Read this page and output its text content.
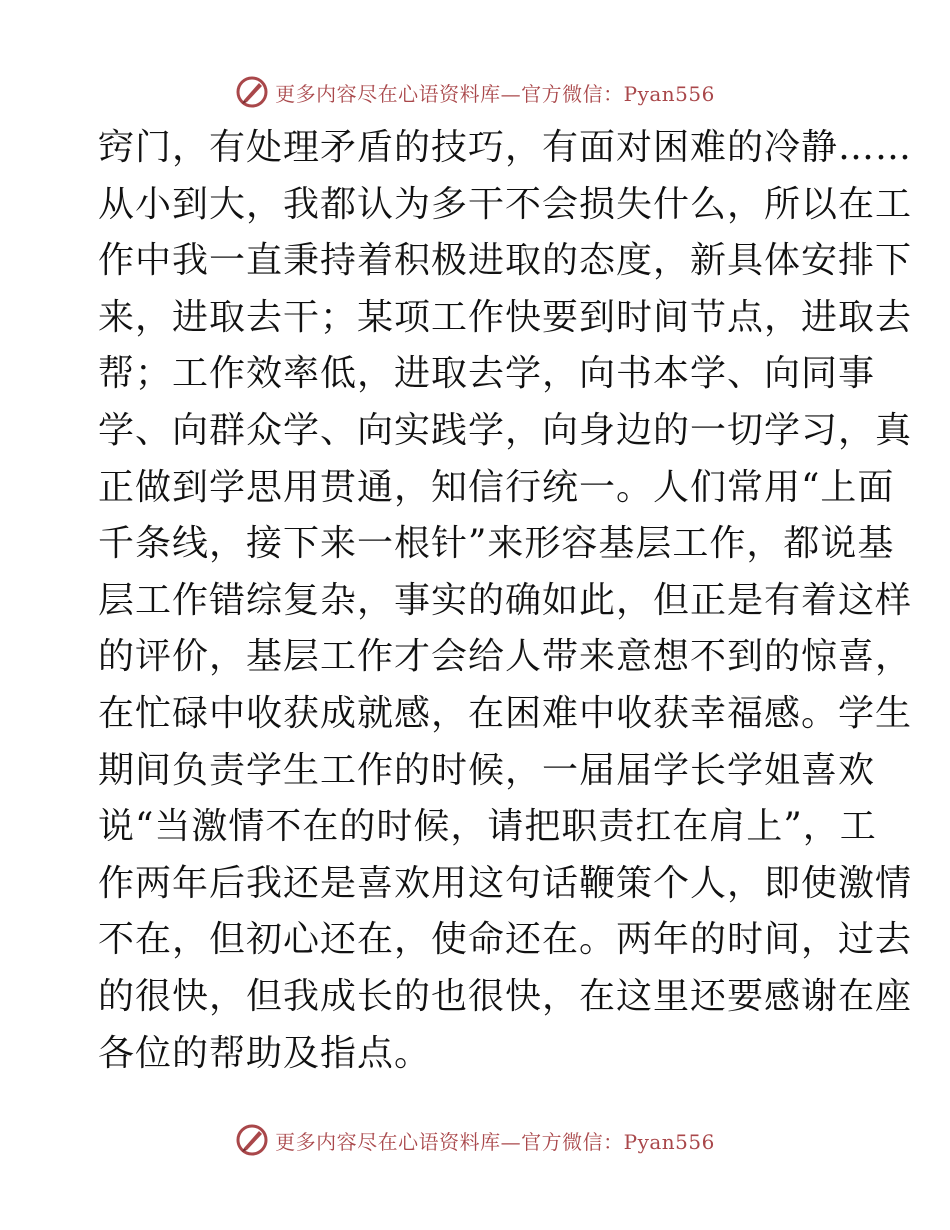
更多内容尽在心语资料库—官方微信：Pyan556
窍门，有处理矛盾的技巧，有面对困难的冷静……
从小到大，我都认为多干不会损失什么，所以在工
作中我一直秉持着积极进取的态度，新具体安排下
来，进取去干；某项工作快要到时间节点，进取去
帮；工作效率低，进取去学，向书本学、向同事
学、向群众学、向实践学，向身边的一切学习，真
正做到学思用贯通，知信行统一。人们常用“上面
千条线，接下来一根针”来形容基层工作，都说基
层工作错综复杂，事实的确如此，但正是有着这样
的评价，基层工作才会给人带来意想不到的惊喜，
在忙碌中收获成就感，在困难中收获幸福感。学生
期间负责学生工作的时候，一届届学长学姐喜欢
说“当激情不在的时候，请把职责扛在肩上”，工
作两年后我还是喜欢用这句话鞭策个人，即使激情
不在，但初心还在，使命还在。两年的时间，过去
的很快，但我成长的也很快，在这里还要感谢在座
各位的帮助及指点。
更多内容尽在心语资料库—官方微信：Pyan556
